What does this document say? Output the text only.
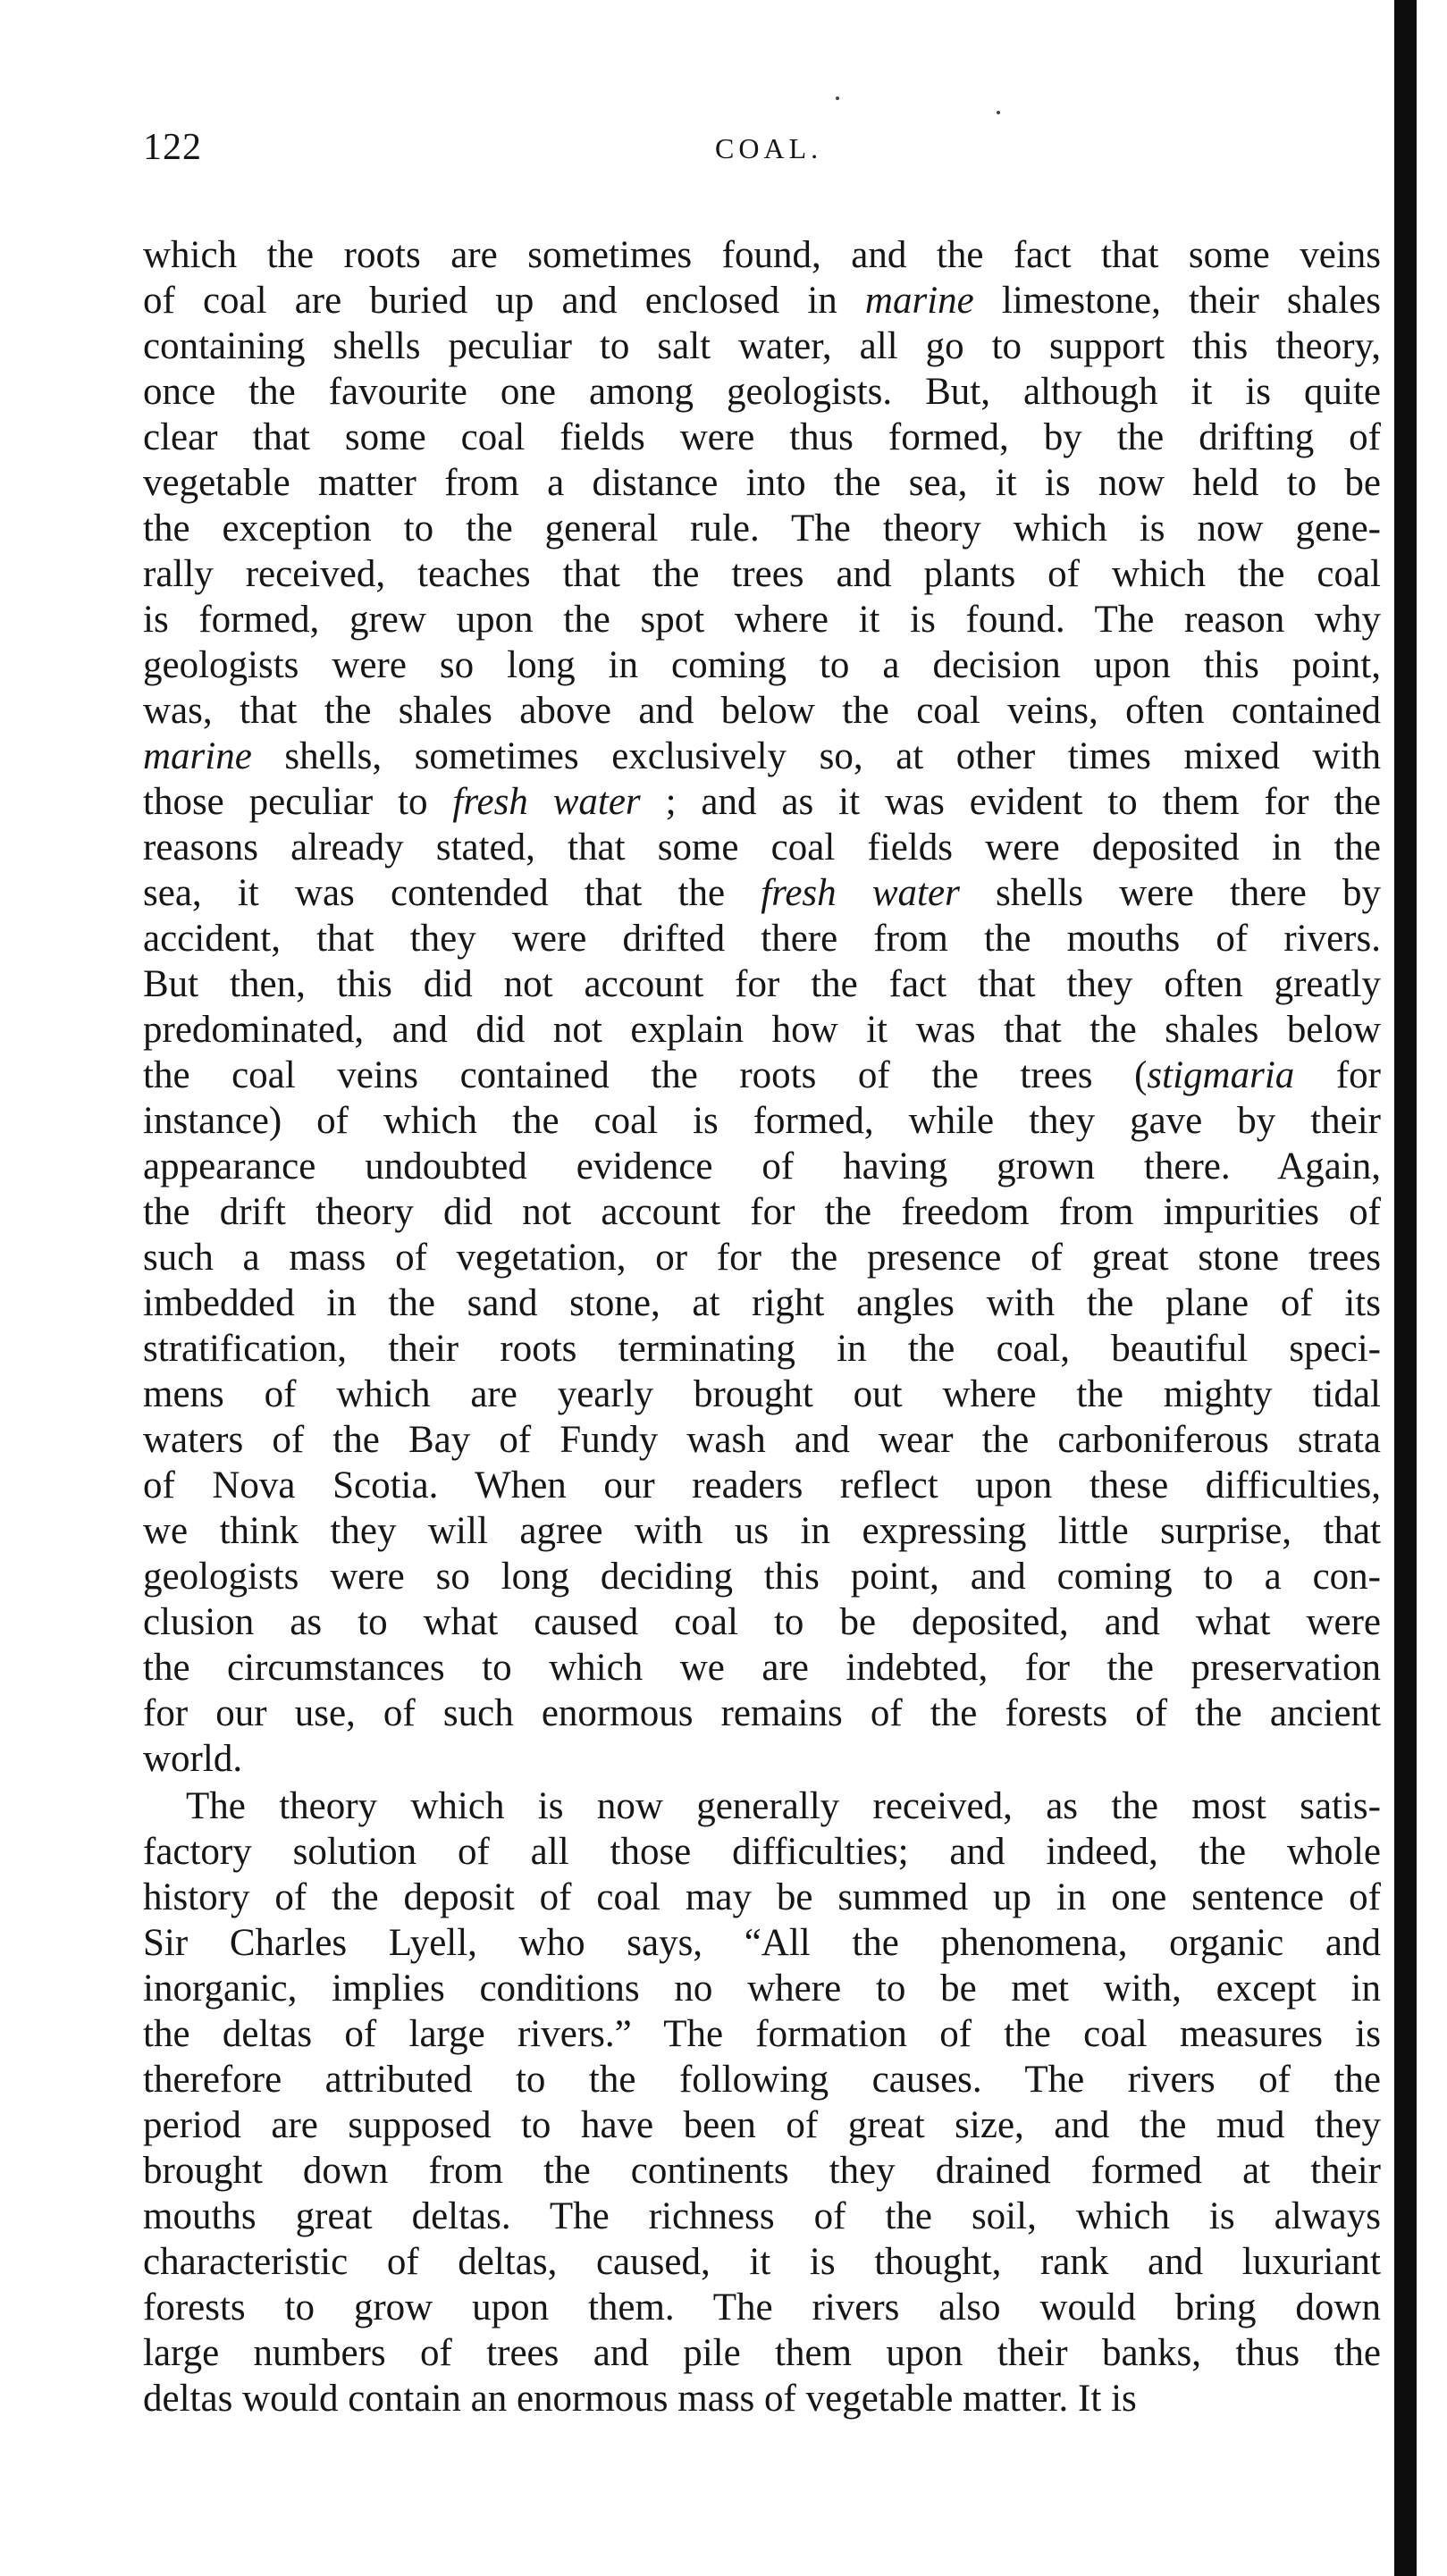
122	COAL.
which the roots are sometimes found, and the fact that some veins
of coal are buried up and enclosed in marine limestone, their shales
containing shells peculiar to salt water, all go to support this theory,
once the favourite one among geologists. But, although it is quite
clear that some coal fields were thus formed, by the drifting of
vegetable matter from a distance into the sea, it is now held to be
the exception to the general rule. The theory which is now gene-
rally received, teaches that the trees and plants of which the coal
is formed, grew upon the spot where it is found. The reason why
geologists were so long in coming to a decision upon this point,
was, that the shales above and below the coal veins, often contained
marine shells, sometimes exclusively so, at other times mixed with
those peculiar to fresh water ; and as it was evident to them for the
reasons already stated, that some coal fields were deposited in the
sea, it was contended that the fresh water shells were there by
accident, that they were drifted there from the mouths of rivers.
But then, this did not account for the fact that they often greatly
predominated, and did not explain how it was that the shales below
the coal veins contained the roots of the trees (stigmaria for
instance) of which the coal is formed, while they gave by their
appearance undoubted evidence of having grown there. Again,
the drift theory did not account for the freedom from impurities of
such a mass of vegetation, or for the presence of great stone trees
imbedded in the sand stone, at right angles with the plane of its
stratification, their roots terminating in the coal, beautiful speci-
mens of which are yearly brought out where the mighty tidal
waters of the Bay of Fundy wash and wear the carboniferous strata
of Nova Scotia. When our readers reflect upon these difficulties,
we think they will agree with us in expressing little surprise, that
geologists were so long deciding this point, and coming to a con-
clusion as to what caused coal to be deposited, and what were
the circumstances to which we are indebted, for the preservation
for our use, of such enormous remains of the forests of the ancient
world.
The theory which is now generally received, as the most satis-
factory solution of all those difficulties; and indeed, the whole
history of the deposit of coal may be summed up in one sentence of
Sir Charles Lyell, who says, “All the phenomena, organic and
inorganic, implies conditions no where to be met with, except in
the deltas of large rivers.” The formation of the coal measures is
therefore attributed to the following causes. The rivers of the
period are supposed to have been of great size, and the mud they
brought down from the continents they drained formed at their
mouths great deltas. The richness of the soil, which is always
characteristic of deltas, caused, it is thought, rank and luxuriant
forests to grow upon them. The rivers also would bring down
large numbers of trees and pile them upon their banks, thus the
deltas would contain an enormous mass of vegetable matter. It is
